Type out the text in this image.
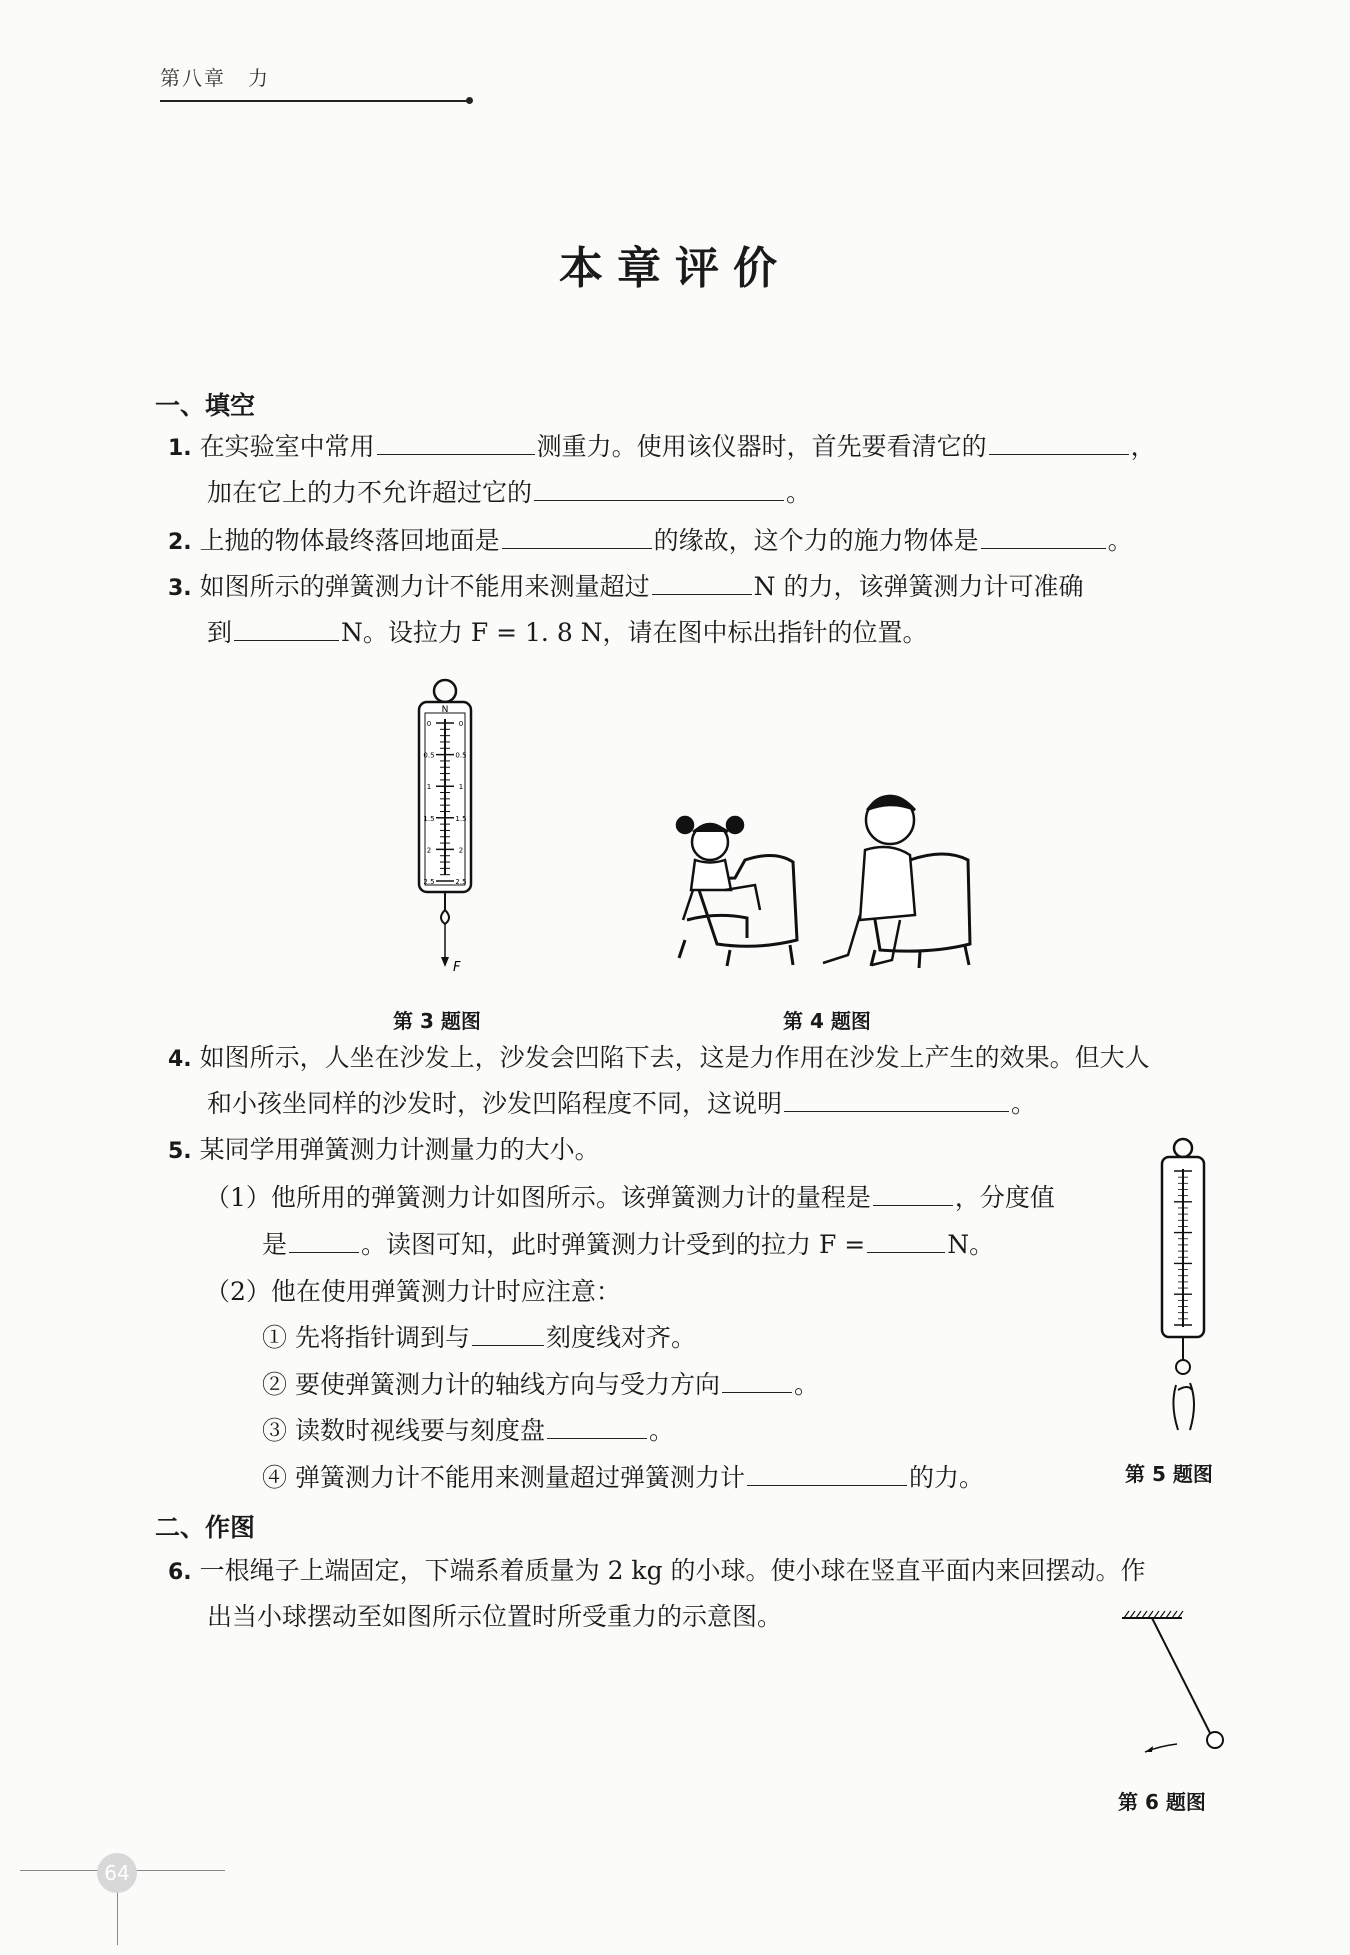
第八章　力
本章评价
一、填空
1. 在实验室中常用	测重力。使用该仪器时，首先要看清它的	，
加在它上的力不允许超过它的	。
2. 上抛的物体最终落回地面是	的缘故，这个力的施力物体是	。
3. 如图所示的弹簧测力计不能用来测量超过	N 的力，该弹簧测力计可准确
到	N。设拉力 F = 1. 8 N，请在图中标出指针的位置。
N
0	0
0.5	0.5
1	1
1.5	1.5
2	2
2.5	2.5
F
第 3 题图	第 4 题图
4. 如图所示，人坐在沙发上，沙发会凹陷下去，这是力作用在沙发上产生的效果。但大人
和小孩坐同样的沙发时，沙发凹陷程度不同，这说明	。
5. 某同学用弹簧测力计测量力的大小。
（1）他所用的弹簧测力计如图所示。该弹簧测力计的量程是	，分度值
是	。读图可知，此时弹簧测力计受到的拉力 F =	N。
（2）他在使用弹簧测力计时应注意：
① 先将指针调到与	刻度线对齐。
② 要使弹簧测力计的轴线方向与受力方向	。
③ 读数时视线要与刻度盘	。
④ 弹簧测力计不能用来测量超过弹簧测力计	的力。	第 5 题图
二、作图
6. 一根绳子上端固定，下端系着质量为 2 kg 的小球。使小球在竖直平面内来回摆动。作
出当小球摆动至如图所示位置时所受重力的示意图。
第 6 题图
64
